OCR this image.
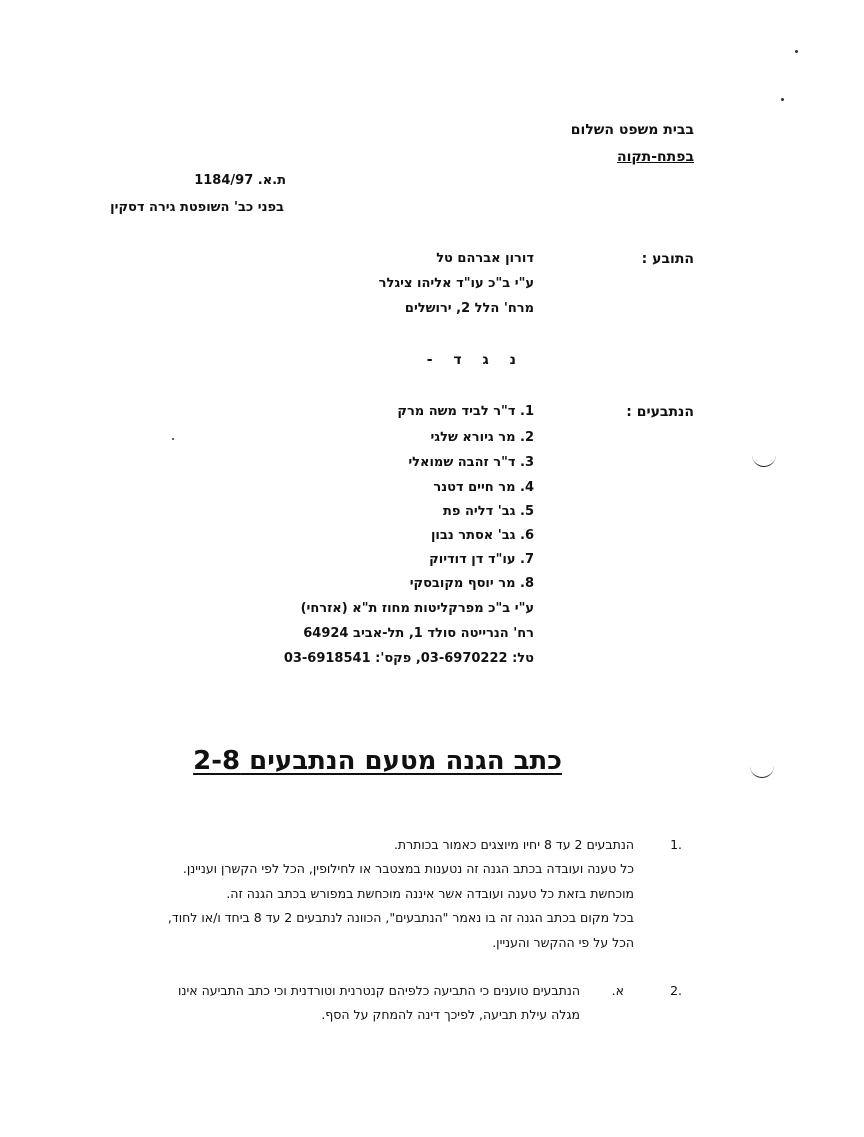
בבית משפט השלום
בפתח-תקוה
ת.א. 1184/97
בפני כב' השופטת גירה דסקין
התובע :
דורון אברהם טל
ע"י ב"כ עו"ד אליהו ציגלר
מרח' הלל 2, ירושלים
נ ג ד -
הנתבעים :
1. ד"ר לביד משה מרק
2. מר גיורא שלגי
3. ד"ר זהבה שמואלי
4. מר חיים דטנר
5. גב' דליה פת
6. גב' אסתר נבון
7. עו"ד דן דודיוק
8. מר יוסף מקובסקי
ע"י ב"כ מפרקליטות מחוז ת"א (אזרחי)
רח' הנרייטה סולד 1, תל-אביב 64924
טל: 03-6970222, פקס': 03-6918541
כתב הגנה מטעם הנתבעים 2-8
.1
הנתבעים 2 עד 8 יחיו מיוצגים כאמור בכותרת.
כל טענה ועובדה בכתב הגנה זה נטענות במצטבר או לחילופין, הכל לפי הקשרן ועניינן.
מוכחשת בזאת כל טענה ועובדה אשר איננה מוכחשת במפורש בכתב הגנה זה.
בכל מקום בכתב הגנה זה בו נאמר "הנתבעים", הכוונה לנתבעים 2 עד 8 ביחד ו/או לחוד,
הכל על פי ההקשר והעניין.
.2
א.
הנתבעים טוענים כי התביעה כלפיהם קנטרנית וטורדנית וכי כתב התביעה אינו
מגלה עילת תביעה, לפיכך דינה להמחק על הסף.
